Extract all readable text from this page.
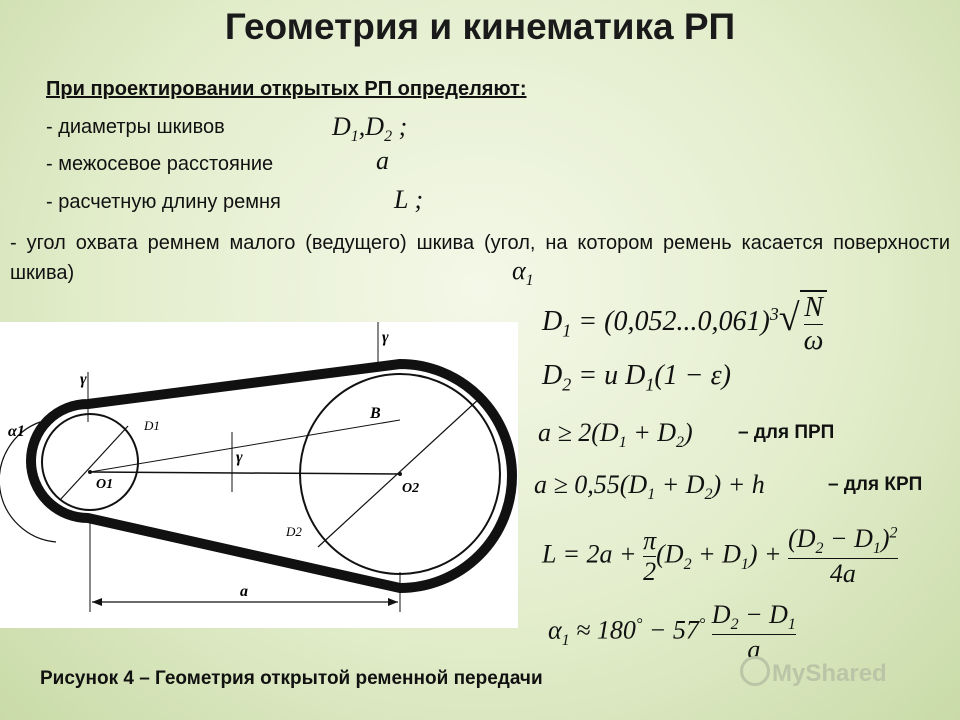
Геометрия и кинематика РП
При проектировании открытых РП определяют:
- диаметры шкивов	$D_1,D_2$ ;
- межосевое расстояние	a
- расчетную длину ремня	L ;
- угол охвата ремнем малого (ведущего) шкива (угол, на котором ремень касается поверхности шкива)	$\alpha_1$
$D_1 = (0,052...0,061)^3√ \frac{N}{\omega}$
$D_2 = u$ $D_1(1 - \varepsilon)$
$a \ge 2(D_1 + D_2)$ – для ПРП
$a \ge 0,55(D_1 + D_2) + h$	– для КРП
$L = 2a + \frac{\pi}{2} (D_2 + D_1) + \frac{(D_2 - D_1)^2}{4a}$
$\alpha_1 \approx 180^\circ - 57^\circ \frac{D_2 - D_1}{a}$
α1
γ
γ
γ
D1
D2
O1	O2
B
a
Рисунок 4 – Геометрия открытой ременной передачи	MyShared
